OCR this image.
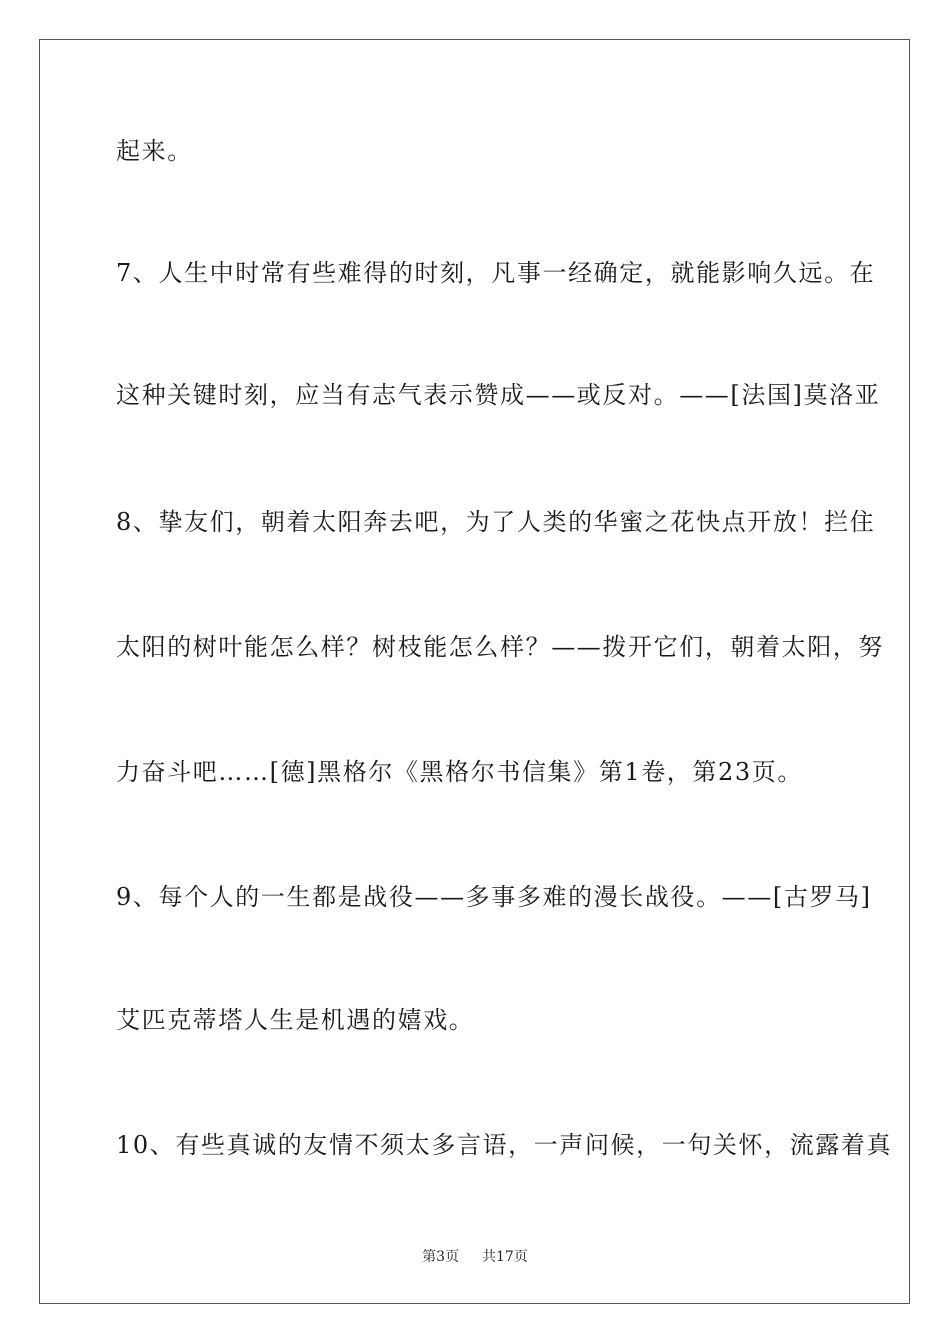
起来。
7、人生中时常有些难得的时刻，凡事一经确定，就能影响久远。在
这种关键时刻，应当有志气表示赞成——或反对。——[法国]莫洛亚
8、挚友们，朝着太阳奔去吧，为了人类的华蜜之花快点开放！拦住
太阳的树叶能怎么样？树枝能怎么样？——拨开它们，朝着太阳，努
力奋斗吧……[德]黑格尔《黑格尔书信集》第1卷，第23页。
9、每个人的一生都是战役——多事多难的漫长战役。——[古罗马]
艾匹克蒂塔人生是机遇的嬉戏。
10、有些真诚的友情不须太多言语，一声问候，一句关怀，流露着真
第3页 共17页
